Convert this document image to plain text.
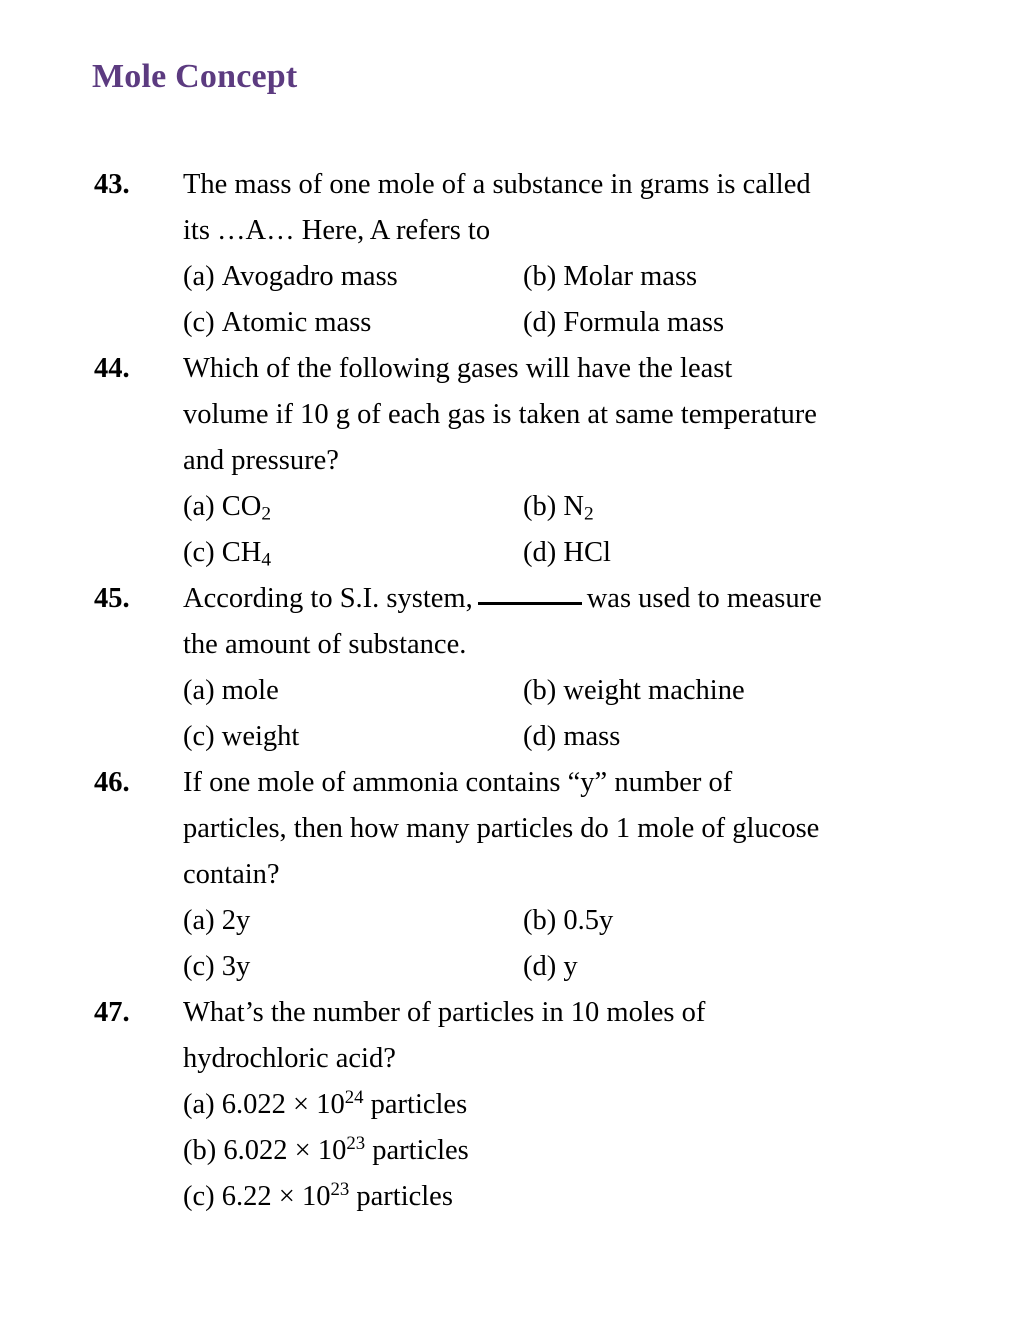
Mole Concept
43.	The mass of one mole of a substance in grams is called
its …A… Here, A refers to
(a) Avogadro mass	(b) Molar mass
(c) Atomic mass	(d) Formula mass
44.	Which of the following gases will have the least
volume if 10 g of each gas is taken at same temperature
and pressure?
(a) $CO_2$	(b) $N_2$
(c) $CH_4$	(d) HCl
45.	According to S.I. system,	was used to measure
the amount of substance.
(a) mole	(b) weight machine
(c) weight	(d) mass
46.	If one mole of ammonia contains “y” number of
particles, then how many particles do 1 mole of glucose
contain?
(a) 2y	(b) 0.5y
(c) 3y	(d) y
47.	What’s the number of particles in 10 moles of
hydrochloric acid?
(a) $6.022 \times 10^{24}$ particles
(b) $6.022 \times 10^{23}$ particles
(c) $6.22 \times 10^{23}$ particles
